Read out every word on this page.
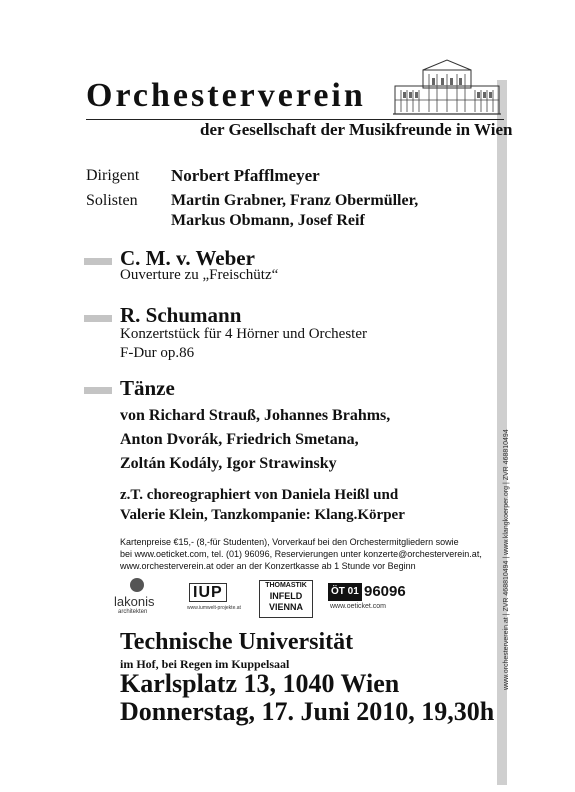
Orchesterverein
der Gesellschaft der Musikfreunde in Wien
Dirigent Norbert Pfafflmeyer
Solisten Martin Grabner, Franz Obermüller,
Markus Obmann, Josef Reif
C. M. v. Weber
Ouverture zu „Freischütz“
R. Schumann
Konzertstück für 4 Hörner und Orchester
F-Dur op.86
Tänze
von Richard Strauß, Johannes Brahms,
Anton Dvorák, Friedrich Smetana,
Zoltán Kodály, Igor Strawinsky
z.T. choreographiert von Daniela Heißl und
Valerie Klein, Tanzkompanie: Klang.Körper
Kartenpreise €15,- (8,-für Studenten), Vorverkauf bei den Orchestermitgliedern sowie
bei www.oeticket.com, tel. (01) 96096, Reservierungen unter konzerte@orchesterverein.at,
www.orchesterverein.at oder an der Konzertkasse ab 1 Stunde vor Beginn
lakonis
architekten
IUP
www.iumwelt-projekte.at
THOMASTIK
INFELD
VIENNA
ÖT 01 96096
www.oeticket.com
Technische Universität
im Hof, bei Regen im Kuppelsaal
Karlsplatz 13, 1040 Wien
Donnerstag, 17. Juni 2010, 19,30h
www.orchesterverein.at | ZVR 468810494 | www.klangkoerper.org | ZVR 468810494
